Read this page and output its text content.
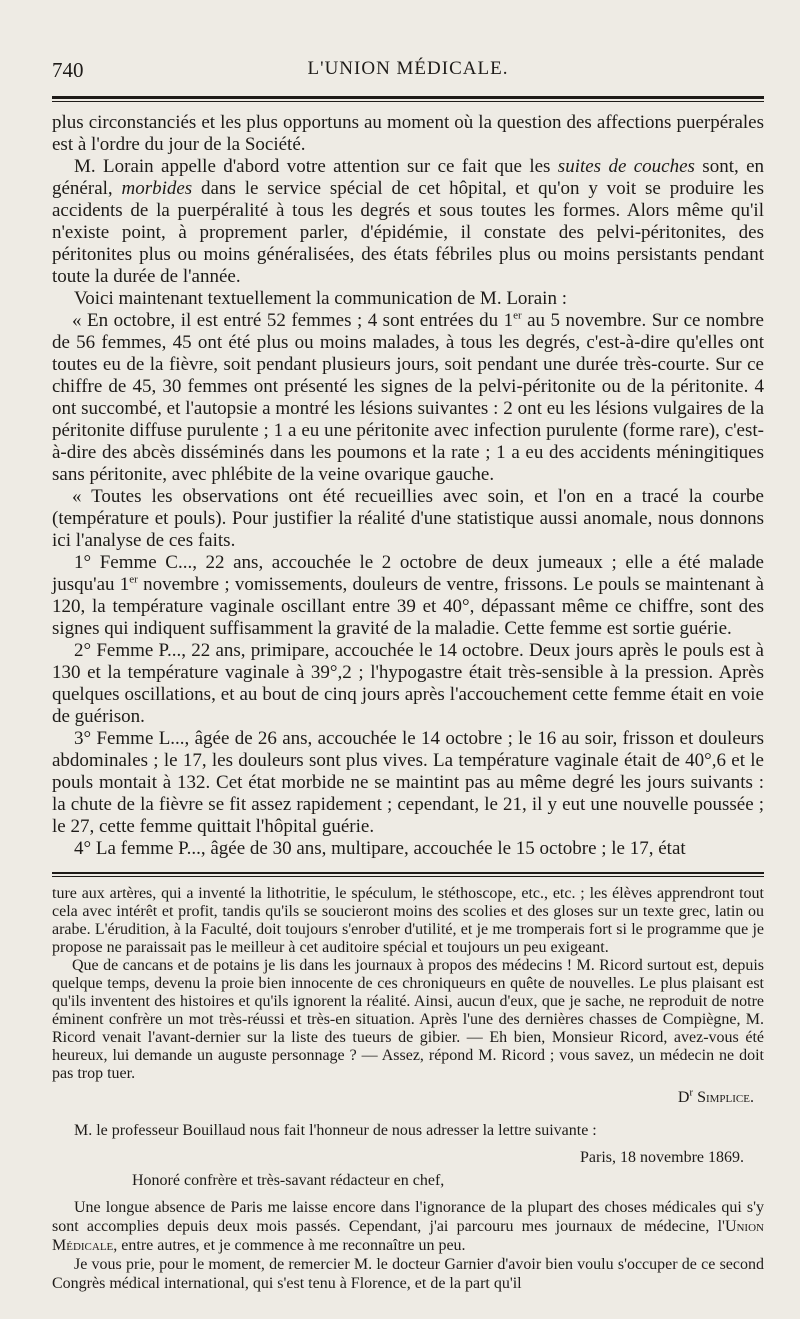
740	L'UNION MÉDICALE.

plus circonstanciés et les plus opportuns au moment où la question des affections puerpérales est à l'ordre du jour de la Société.

M. Lorain appelle d'abord votre attention sur ce fait que les suites de couches sont, en général, morbides dans le service spécial de cet hôpital, et qu'on y voit se produire les accidents de la puerpéralité à tous les degrés et sous toutes les formes. Alors même qu'il n'existe point, à proprement parler, d'épidémie, il constate des pelvi-péritonites, des péritonites plus ou moins généralisées, des états fébriles plus ou moins persistants pendant toute la durée de l'année.

Voici maintenant textuellement la communication de M. Lorain :

« En octobre, il est entré 52 femmes ; 4 sont entrées du 1er au 5 novembre. Sur ce nombre de 56 femmes, 45 ont été plus ou moins malades, à tous les degrés, c'est-à-dire qu'elles ont toutes eu de la fièvre, soit pendant plusieurs jours, soit pendant une durée très-courte. Sur ce chiffre de 45, 30 femmes ont présenté les signes de la pelvi-péritonite ou de la péritonite. 4 ont succombé, et l'autopsie a montré les lésions suivantes : 2 ont eu les lésions vulgaires de la péritonite diffuse purulente ; 1 a eu une péritonite avec infection purulente (forme rare), c'est-à-dire des abcès disséminés dans les poumons et la rate ; 1 a eu des accidents méningitiques sans péritonite, avec phlébite de la veine ovarique gauche.

« Toutes les observations ont été recueillies avec soin, et l'on en a tracé la courbe (température et pouls). Pour justifier la réalité d'une statistique aussi anomale, nous donnons ici l'analyse de ces faits.

1° Femme C..., 22 ans, accouchée le 2 octobre de deux jumeaux ; elle a été malade jusqu'au 1er novembre ; vomissements, douleurs de ventre, frissons. Le pouls se maintenant à 120, la température vaginale oscillant entre 39 et 40°, dépassant même ce chiffre, sont des signes qui indiquent suffisamment la gravité de la maladie. Cette femme est sortie guérie.

2° Femme P..., 22 ans, primipare, accouchée le 14 octobre. Deux jours après le pouls est à 130 et la température vaginale à 39°,2 ; l'hypogastre était très-sensible à la pression. Après quelques oscillations, et au bout de cinq jours après l'accouchement cette femme était en voie de guérison.

3° Femme L..., âgée de 26 ans, accouchée le 14 octobre ; le 16 au soir, frisson et douleurs abdominales ; le 17, les douleurs sont plus vives. La température vaginale était de 40°,6 et le pouls montait à 132. Cet état morbide ne se maintint pas au même degré les jours suivants : la chute de la fièvre se fit assez rapidement ; cependant, le 21, il y eut une nouvelle poussée ; le 27, cette femme quittait l'hôpital guérie.

4° La femme P..., âgée de 30 ans, multipare, accouchée le 15 octobre ; le 17, état

ture aux artères, qui a inventé la lithotritie, le spéculum, le stéthoscope, etc., etc. ; les élèves apprendront tout cela avec intérêt et profit, tandis qu'ils se soucieront moins des scolies et des gloses sur un texte grec, latin ou arabe. L'érudition, à la Faculté, doit toujours s'enrober d'utilité, et je me tromperais fort si le programme que je propose ne paraissait pas le meilleur à cet auditoire spécial et toujours un peu exigeant.

Que de cancans et de potains je lis dans les journaux à propos des médecins ! M. Ricord surtout est, depuis quelque temps, devenu la proie bien innocente de ces chroniqueurs en quête de nouvelles. Le plus plaisant est qu'ils inventent des histoires et qu'ils ignorent la réalité. Ainsi, aucun d'eux, que je sache, ne reproduit de notre éminent confrère un mot très-réussi et très-en situation. Après l'une des dernières chasses de Compiègne, M. Ricord venait l'avant-dernier sur la liste des tueurs de gibier. — Eh bien, Monsieur Ricord, avez-vous été heureux, lui demande un auguste personnage ? — Assez, répond M. Ricord ; vous savez, un médecin ne doit pas trop tuer.

$D^r$ Simplice.

M. le professeur Bouillaud nous fait l'honneur de nous adresser la lettre suivante :

Paris, 18 novembre 1869.

Honoré confrère et très-savant rédacteur en chef,

Une longue absence de Paris me laisse encore dans l'ignorance de la plupart des choses médicales qui s'y sont accomplies depuis deux mois passés. Cependant, j'ai parcouru mes journaux de médecine, l'Union Médicale, entre autres, et je commence à me reconnaître un peu.

Je vous prie, pour le moment, de remercier M. le docteur Garnier d'avoir bien voulu s'occuper de ce second Congrès médical international, qui s'est tenu à Florence, et de la part qu'il
